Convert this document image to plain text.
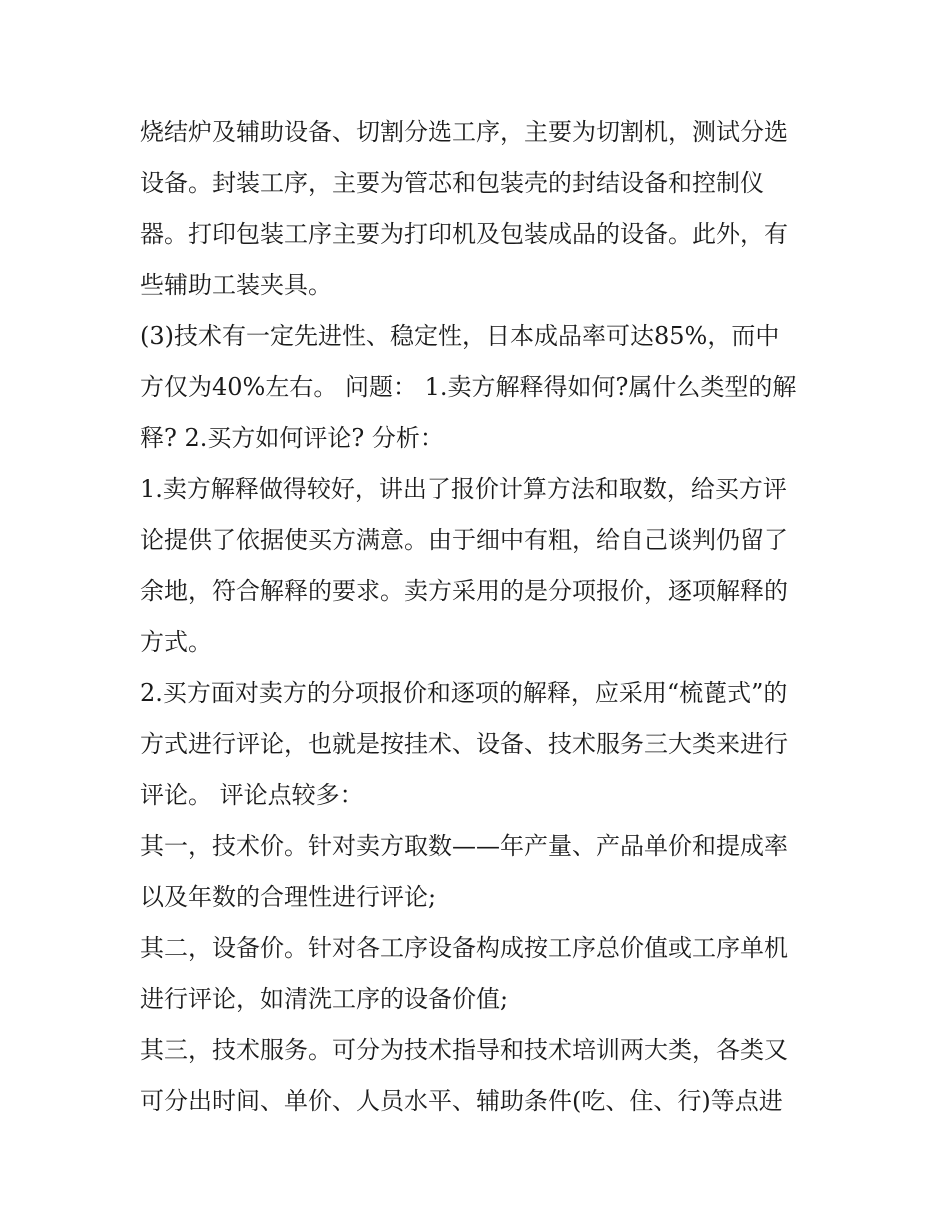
烧结炉及辅助设备、切割分选工序，主要为切割机，测试分选
设备。封装工序，主要为管芯和包装壳的封结设备和控制仪
器。打印包装工序主要为打印机及包装成品的设备。此外，有
些辅助工装夹具。
(3)技术有一定先进性、稳定性，日本成品率可达85%，而中
方仅为40%左右。 问题： 1.卖方解释得如何?属什么类型的解
释? 2.买方如何评论? 分析：
1.卖方解释做得较好，讲出了报价计算方法和取数，给买方评
论提供了依据使买方满意。由于细中有粗，给自己谈判仍留了
余地，符合解释的要求。卖方采用的是分项报价，逐项解释的
方式。
2.买方面对卖方的分项报价和逐项的解释，应采用“梳蓖式”的
方式进行评论，也就是按挂术、设备、技术服务三大类来进行
评论。 评论点较多：
其一，技术价。针对卖方取数——年产量、产品单价和提成率
以及年数的合理性进行评论;
其二，设备价。针对各工序设备构成按工序总价值或工序单机
进行评论，如清洗工序的设备价值;
其三，技术服务。可分为技术指导和技术培训两大类，各类又
可分出时间、单价、人员水平、辅助条件(吃、住、行)等点进
